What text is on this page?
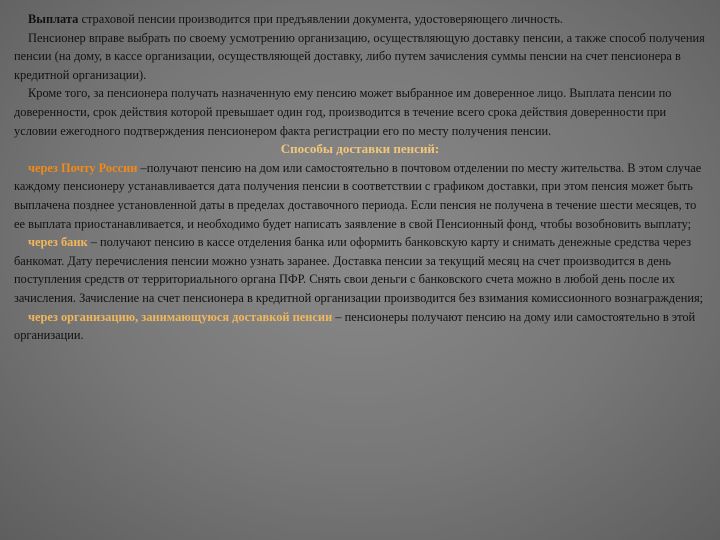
Выплата страховой пенсии производится при предъявлении документа, удостоверяющего личность.

Пенсионер вправе выбрать по своему усмотрению организацию, осуществляющую доставку пенсии, а также способ получения пенсии (на дому, в кассе организации, осуществляющей доставку, либо путем зачисления суммы пенсии на счет пенсионера в кредитной организации).

Кроме того, за пенсионера получать назначенную ему пенсию может выбранное им доверенное лицо. Выплата пенсии по доверенности, срок действия которой превышает один год, производится в течение всего срока действия доверенности при условии ежегодного подтверждения пенсионером факта регистрации его по месту получения пенсии.

Способы доставки пенсий:

через Почту России –получают пенсию на дом или самостоятельно в почтовом отделении по месту жительства. В этом случае каждому пенсионеру устанавливается дата получения пенсии в соответствии с графиком доставки, при этом пенсия может быть выплачена позднее установленной даты в пределах доставочного периода. Если пенсия не получена в течение шести месяцев, то ее выплата приостанавливается, и необходимо будет написать заявление в свой Пенсионный фонд, чтобы возобновить выплату;

через банк – получают пенсию в кассе отделения банка или оформить банковскую карту и снимать денежные средства через банкомат. Дату перечисления пенсии можно узнать заранее. Доставка пенсии за текущий месяц на счет производится в день поступления средств от территориального органа ПФР. Снять свои деньги с банковского счета можно в любой день после их зачисления. Зачисление на счет пенсионера в кредитной организации производится без взимания комиссионного вознаграждения;

через организацию, занимающуюся доставкой пенсии – пенсионеры получают пенсию на дому или самостоятельно в этой организации.
